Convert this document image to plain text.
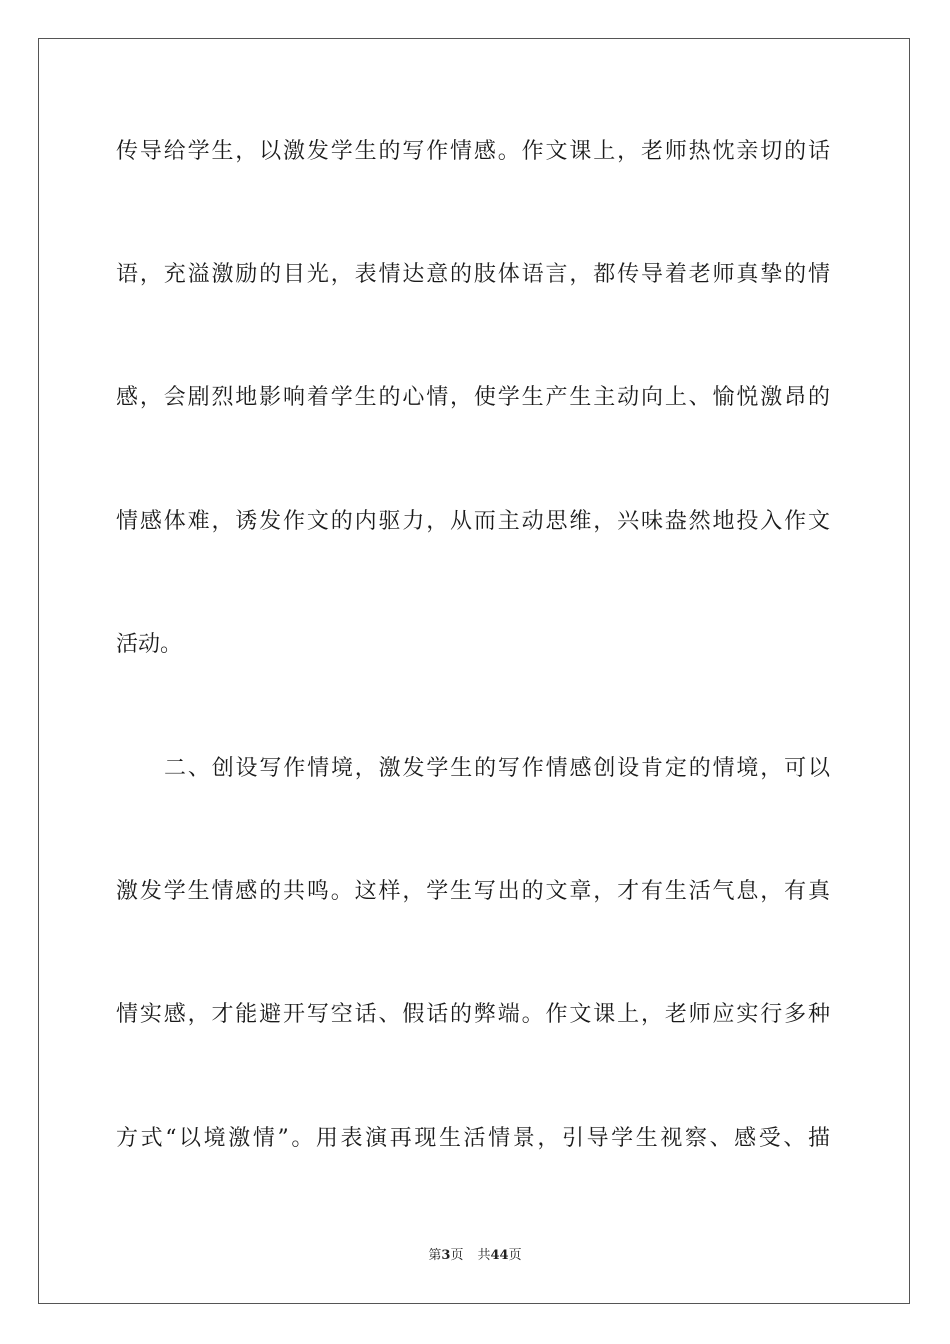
传导给学生，以激发学生的写作情感。作文课上，老师热忱亲切的话
语，充溢激励的目光，表情达意的肢体语言，都传导着老师真挚的情
感，会剧烈地影响着学生的心情，使学生产生主动向上、愉悦激昂的
情感体难，诱发作文的内驱力，从而主动思维，兴味盎然地投入作文
活动。
二、创设写作情境，激发学生的写作情感创设肯定的情境，可以
激发学生情感的共鸣。这样，学生写出的文章，才有生活气息，有真
情实感，才能避开写空话、假话的弊端。作文课上，老师应实行多种
方式“以境激情”。用表演再现生活情景，引导学生视察、感受、描
第3页 共44页
